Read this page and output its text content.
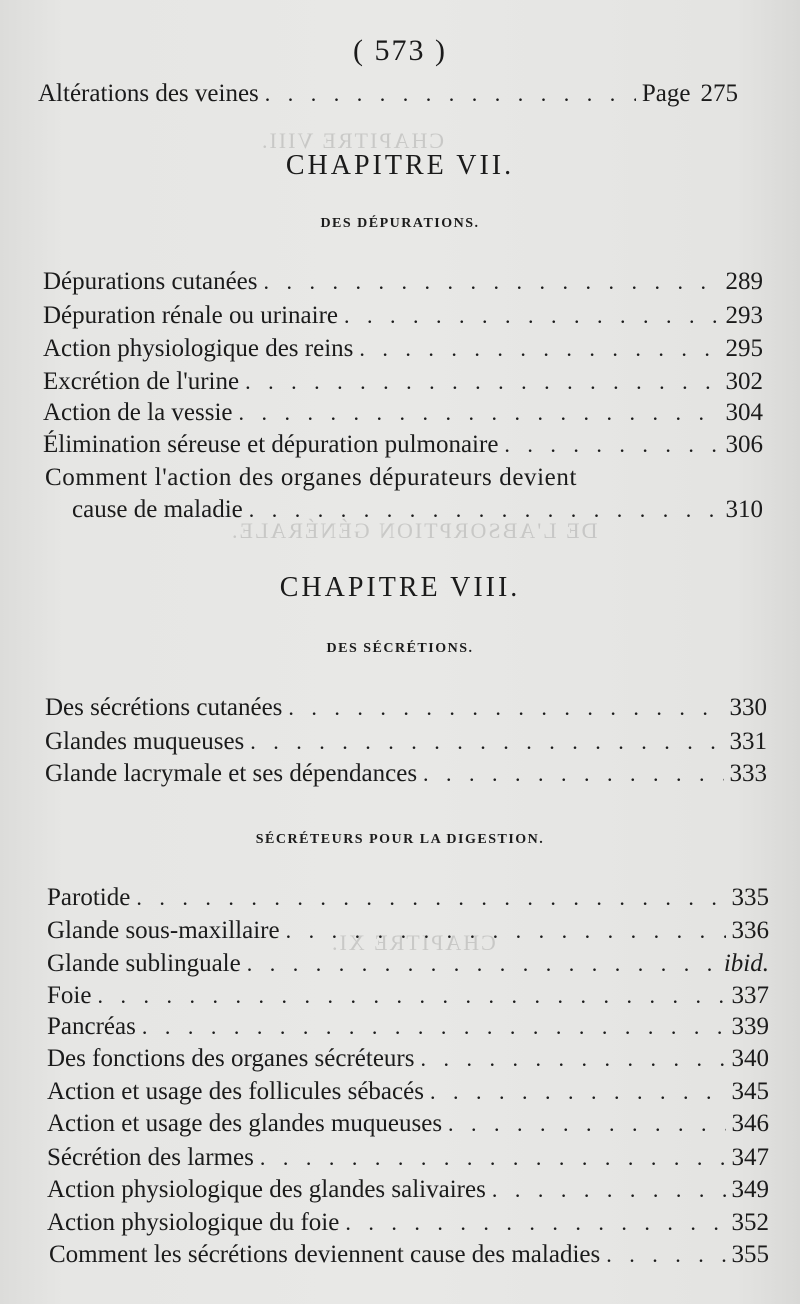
CHAPITRE VIII.
DE L'ABSORPTION GÉNÉRALE.
CHAPITRE XI.
( 573 )
Altérations des veines . . .	Page 275
CHAPITRE VII.
DES DÉPURATIONS.
Dépurations cutanées . . .	289
Dépuration rénale ou urinaire . . .	293
Action physiologique des reins . . .	295
Excrétion de l'urine . . .	302
Action de la vessie . . .	304
Élimination séreuse et dépuration pulmonaire . . .	306
Comment l'action des organes dépurateurs devient
cause de maladie . . .	310
CHAPITRE VIII.
DES SÉCRÉTIONS.
Des sécrétions cutanées . . .	330
Glandes muqueuses . . .	331
Glande lacrymale et ses dépendances . . .	333
SÉCRÉTEURS POUR LA DIGESTION.
Parotide . . .	335
Glande sous-maxillaire . . .	336
Glande sublinguale . . .	ibid.
Foie . . .	337
Pancréas . . .	339
Des fonctions des organes sécréteurs . . .	340
Action et usage des follicules sébacés . . .	345
Action et usage des glandes muqueuses . . .	346
Sécrétion des larmes . . .	347
Action physiologique des glandes salivaires . . .	349
Action physiologique du foie . . .	352
Comment les sécrétions deviennent cause des maladies . . .	355
